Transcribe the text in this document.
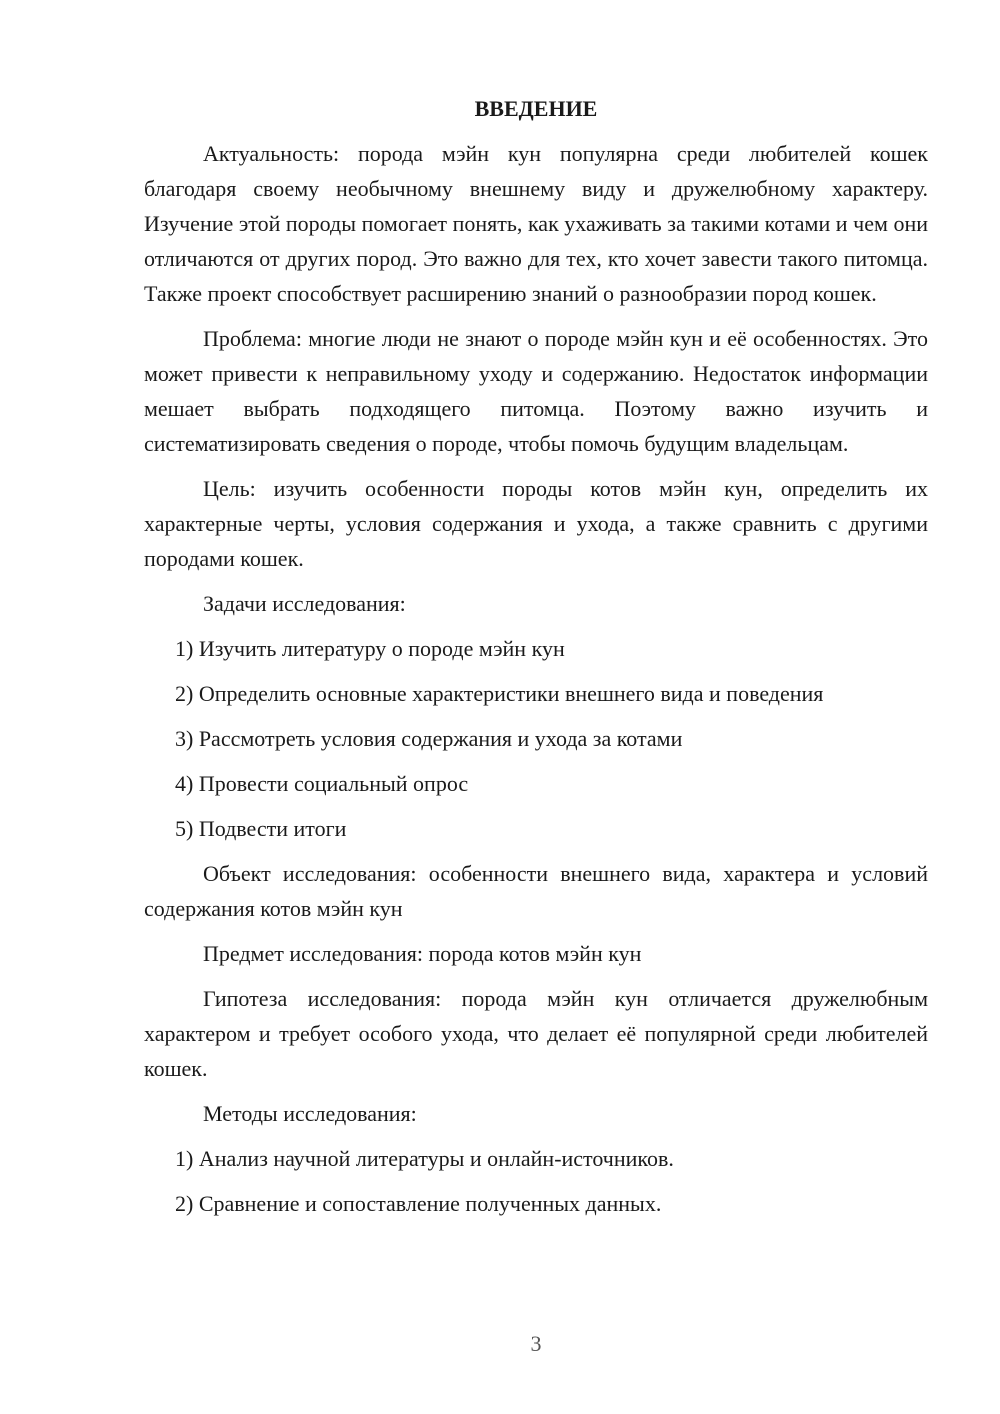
ВВЕДЕНИЕ
Актуальность: порода мэйн кун популярна среди любителей кошек благодаря своему необычному внешнему виду и дружелюбному характеру. Изучение этой породы помогает понять, как ухаживать за такими котами и чем они отличаются от других пород. Это важно для тех, кто хочет завести такого питомца. Также проект способствует расширению знаний о разнообразии пород кошек.
Проблема: многие люди не знают о породе мэйн кун и её особенностях. Это может привести к неправильному уходу и содержанию. Недостаток информации мешает выбрать подходящего питомца. Поэтому важно изучить и систематизировать сведения о породе, чтобы помочь будущим владельцам.
Цель: изучить особенности породы котов мэйн кун, определить их характерные черты, условия содержания и ухода, а также сравнить с другими породами кошек.
Задачи исследования:
1) Изучить литературу о породе мэйн кун
2) Определить основные характеристики внешнего вида и поведения
3) Рассмотреть условия содержания и ухода за котами
4) Провести социальный опрос
5) Подвести итоги
Объект исследования: особенности внешнего вида, характера и условий содержания котов мэйн кун
Предмет исследования: порода котов мэйн кун
Гипотеза исследования: порода мэйн кун отличается дружелюбным характером и требует особого ухода, что делает её популярной среди любителей кошек.
Методы исследования:
1) Анализ научной литературы и онлайн-источников.
2) Сравнение и сопоставление полученных данных.
3
